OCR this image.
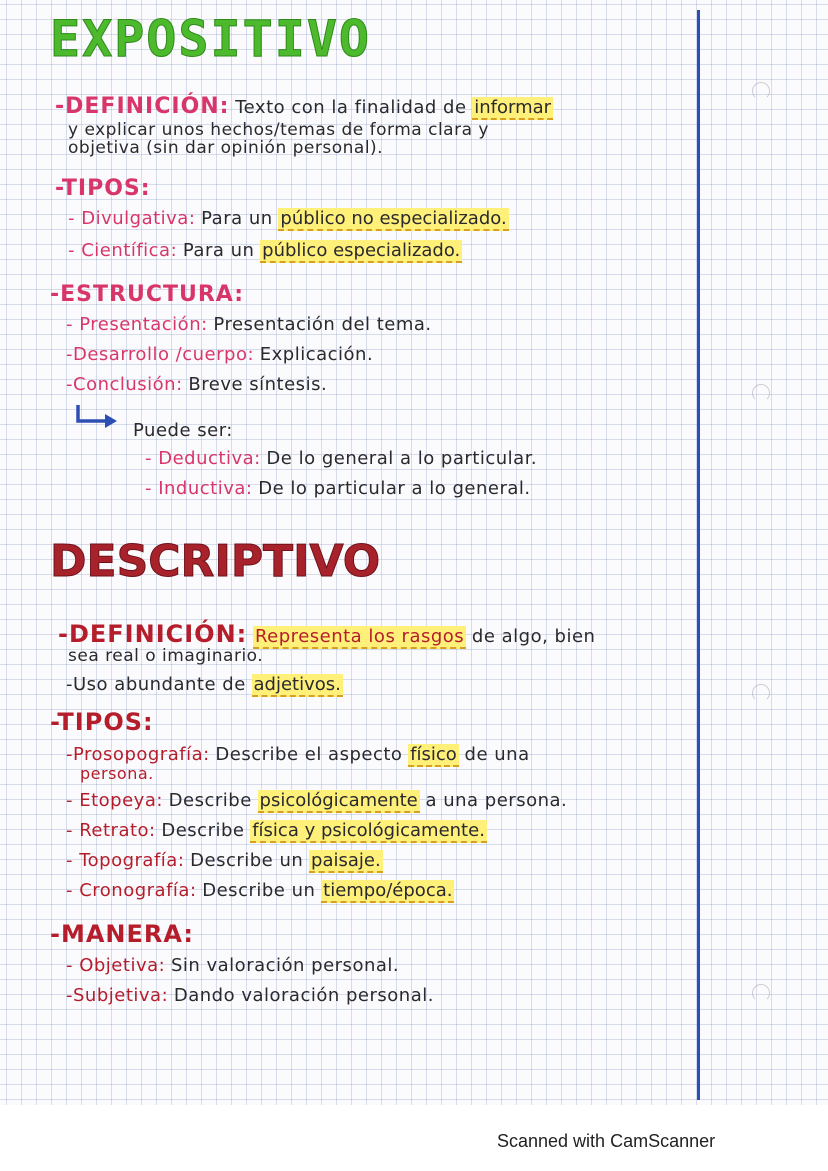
EXPOSITIVO
-DEFINICIÓN: Texto con la finalidad de informar
y explicar unos hechos/temas de forma clara y
objetiva (sin dar opinión personal).
-TIPOS:
- Divulgativa: Para un público no especializado.
- Científica: Para un público especializado.
-ESTRUCTURA:
- Presentación: Presentación del tema.
-Desarrollo /cuerpo: Explicación.
-Conclusión: Breve síntesis.
Puede ser:
- Deductiva: De lo general a lo particular.
- Inductiva: De lo particular a lo general.
DESCRIPTIVO
-DEFINICIÓN: Representa los rasgos de algo, bien
sea real o imaginario.
-Uso abundante de adjetivos.
-TIPOS:
-Prosopografía: Describe el aspecto físico de una
persona.
- Etopeya: Describe psicológicamente a una persona.
- Retrato: Describe física y psicológicamente.
- Topografía: Describe un paisaje.
- Cronografía: Describe un tiempo/época.
-MANERA:
- Objetiva: Sin valoración personal.
-Subjetiva: Dando valoración personal.
Scanned with CamScanner
